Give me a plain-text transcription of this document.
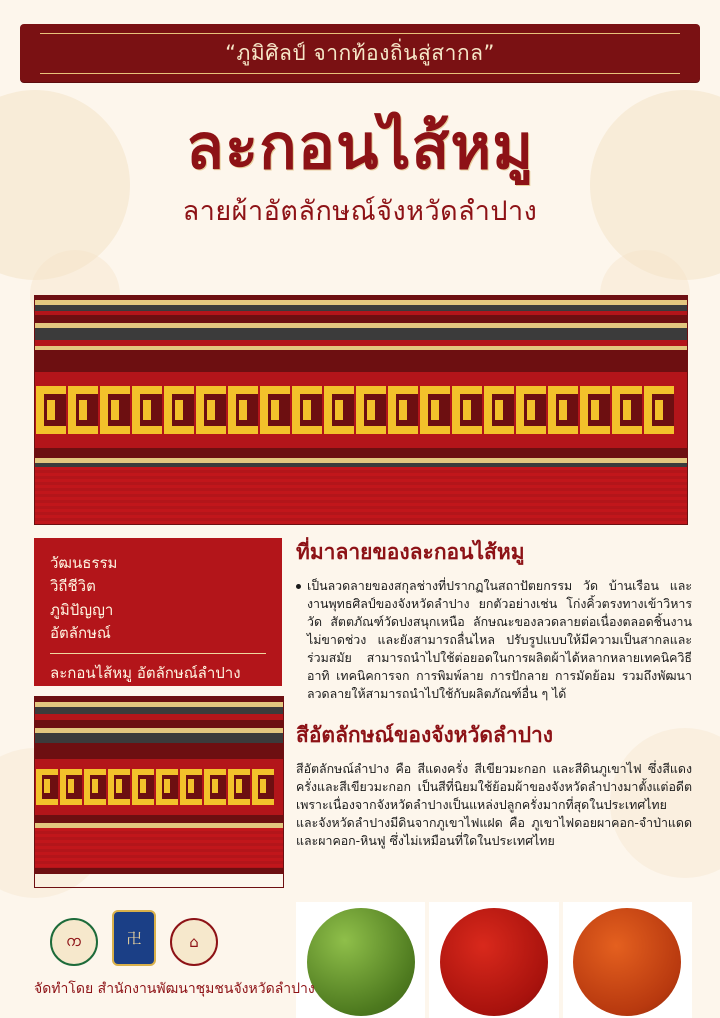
“ภูมิศิลป์ จากท้องถิ่นสู่สากล”
ละกอนไส้หมู
ลายผ้าอัตลักษณ์จังหวัดลำปาง
วัฒนธรรม
วิถีชีวิต
ภูมิปัญญา
อัตลักษณ์
ละกอนไส้หมู อัตลักษณ์ลำปาง
ที่มาลายของละกอนไส้หมู
เป็นลวดลายของสกุลช่างที่ปรากฏในสถาปัตยกรรม วัด บ้านเรือน และงานพุทธศิลป์ของจังหวัดลำปาง ยกตัวอย่างเช่น โก่งคิ้วตรงทางเข้าวิหารวัด สัตตภัณฑ์วัดปงสนุกเหนือ ลักษณะของลวดลายต่อเนื่องตลอดชิ้นงานไม่ขาดช่วง และยังสามารถลื่นไหล ปรับรูปแบบให้มีความเป็นสากลและร่วมสมัย สามารถนำไปใช้ต่อยอดในการผลิตผ้าได้หลากหลายเทคนิควิธี อาทิ เทคนิคการจก การพิมพ์ลาย การปักลาย การมัดย้อม รวมถึงพัฒนาลวดลายให้สามารถนำไปใช้กับผลิตภัณฑ์อื่น ๆ ได้
สีอัตลักษณ์ของจังหวัดลำปาง
สีอัตลักษณ์ลำปาง คือ สีแดงครั่ง สีเขียวมะกอก และสีดินภูเขาไฟ ซึ่งสีแดงครั่งและสีเขียวมะกอก เป็นสีที่นิยมใช้ย้อมผ้าของจังหวัดลำปางมาตั้งแต่อดีต เพราะเนื่องจากจังหวัดลำปางเป็นแหล่งปลูกครั่งมากที่สุดในประเทศไทย และจังหวัดลำปางมีดินจากภูเขาไฟแฝด คือ ภูเขาไฟดอยผาคอก-จำป่าแดด และผาคอก-หินฟู ซึ่งไม่เหมือนที่ใดในประเทศไทย
ᨠ	卍	⌂
จัดทำโดย สำนักงานพัฒนาชุมชนจังหวัดลำปาง
